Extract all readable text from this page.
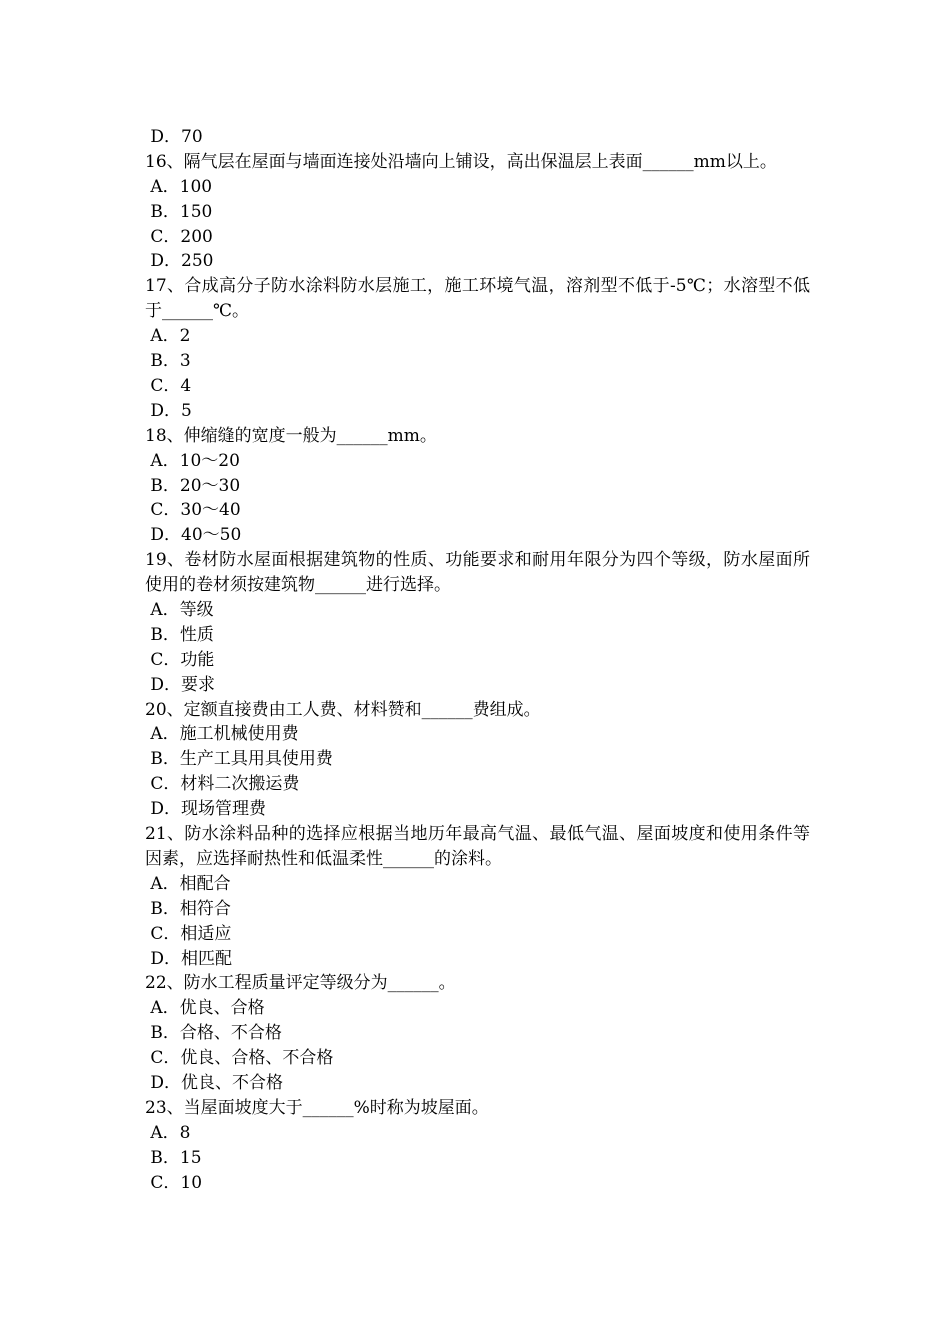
D．70
16、隔气层在屋面与墙面连接处沿墙向上铺设，高出保温层上表面______mm以上。
A．100
B．150
C．200
D．250
17、合成高分子防水涂料防水层施工，施工环境气温，溶剂型不低于-5℃；水溶型不低于______℃。
A．2
B．3
C．4
D．5
18、伸缩缝的宽度一般为______mm。
A．10～20
B．20～30
C．30～40
D．40～50
19、卷材防水屋面根据建筑物的性质、功能要求和耐用年限分为四个等级，防水屋面所使用的卷材须按建筑物______进行选择。
A．等级
B．性质
C．功能
D．要求
20、定额直接费由工人费、材料赞和______费组成。
A．施工机械使用费
B．生产工具用具使用费
C．材料二次搬运费
D．现场管理费
21、防水涂料品种的选择应根据当地历年最高气温、最低气温、屋面坡度和使用条件等因素，应选择耐热性和低温柔性______的涂料。
A．相配合
B．相符合
C．相适应
D．相匹配
22、防水工程质量评定等级分为______。
A．优良、合格
B．合格、不合格
C．优良、合格、不合格
D．优良、不合格
23、当屋面坡度大于______%时称为坡屋面。
A．8
B．15
C．10
